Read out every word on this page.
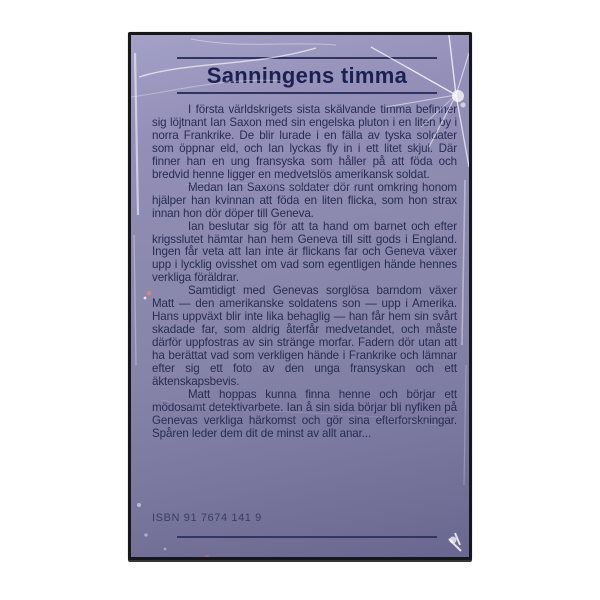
Sanningens timma

I första världskrigets sista skälvande timma befinner sig löjtnant Ian Saxon med sin engelska pluton i en liten by i norra Frankrike. De blir lurade i en fälla av tyska soldater som öppnar eld, och Ian lyckas fly in i ett litet skjul. Där finner han en ung fransyska som håller på att föda och bredvid henne ligger en medvetslös amerikansk soldat.

Medan Ian Saxons soldater dör runt omkring honom hjälper han kvinnan att föda en liten flicka, som hon strax innan hon dör döper till Geneva.

Ian beslutar sig för att ta hand om barnet och efter krigsslutet hämtar han hem Geneva till sitt gods i England. Ingen får veta att Ian inte är flickans far och Geneva växer upp i lycklig ovisshet om vad som egentligen hände hennes verkliga föräldrar.

Samtidigt med Genevas sorglösa barndom växer Matt — den amerikanske soldatens son — upp i Amerika. Hans uppväxt blir inte lika behaglig — han får hem sin svårt skadade far, som aldrig återfår medvetandet, och måste därför uppfostras av sin stränge morfar. Fadern dör utan att ha berättat vad som verkligen hände i Frankrike och lämnar efter sig ett foto av den unga fransyskan och ett äktenskapsbevis.

Matt hoppas kunna finna henne och börjar ett mödosamt detektivarbete. Ian å sin sida börjar bli nyfiken på Genevas verkliga härkomst och gör sina efterforskningar. Spåren leder dem dit de minst av allt anar...

ISBN 91 7674 141 9
